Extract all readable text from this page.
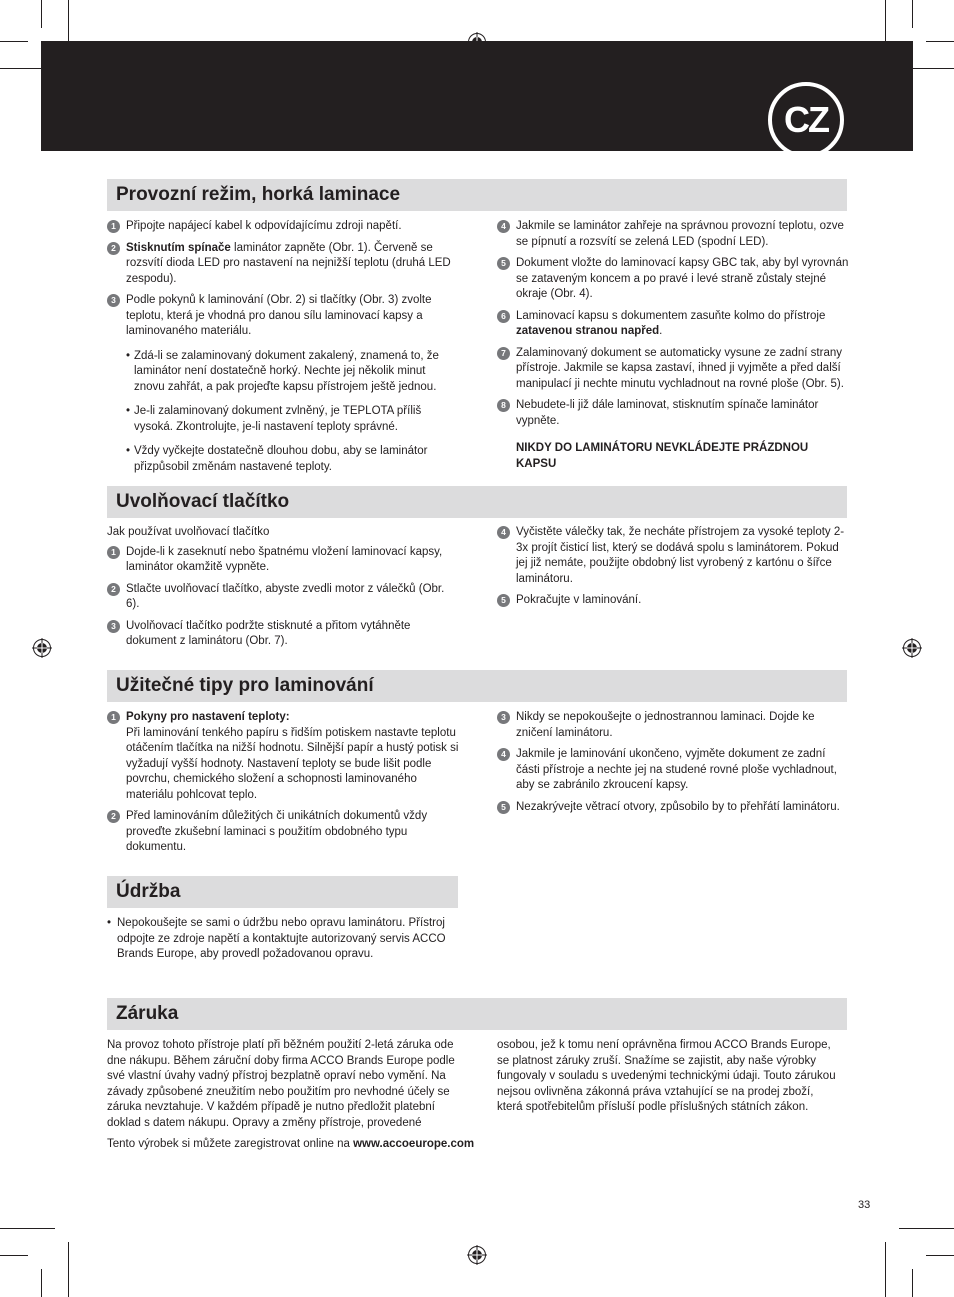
CZ
Provozní režim, horká laminace
1 Připojte napájecí kabel k odpovídajícímu zdroji napětí.
2 Stisknutím spínače laminátor zapněte (Obr. 1). Červeně se rozsvítí dioda LED pro nastavení na nejnižší teplotu (druhá LED zespodu).
3 Podle pokynů k laminování (Obr. 2) si tlačítky (Obr. 3) zvolte teplotu, která je vhodná pro danou sílu laminovací kapsy a laminovaného materiálu.
• Zdá-li se zalaminovaný dokument zakalený, znamená to, že laminátor není dostatečně horký. Nechte jej několik minut znovu zahřát, a pak projeďte kapsu přístrojem ještě jednou.
• Je-li zalaminovaný dokument zvlněný, je TEPLOTA příliš vysoká. Zkontrolujte, je-li nastavení teploty správné.
• Vždy vyčkejte dostatečně dlouhou dobu, aby se laminátor přizpůsobil změnám nastavené teploty.
4 Jakmile se laminátor zahřeje na správnou provozní teplotu, ozve se pípnutí a rozsvítí se zelená LED (spodní LED).
5 Dokument vložte do laminovací kapsy GBC tak, aby byl vyrovnán se zataveným koncem a po pravé i levé straně zůstaly stejné okraje (Obr. 4).
6 Laminovací kapsu s dokumentem zasuňte kolmo do přístroje zatavenou stranou napřed.
7 Zalaminovaný dokument se automaticky vysune ze zadní strany přístroje. Jakmile se kapsa zastaví, ihned ji vyjměte a před další manipulací ji nechte minutu vychladnout na rovné ploše (Obr. 5).
8 Nebudete-li již dále laminovat, stisknutím spínače laminátor vypněte.
NIKDY DO LAMINÁTORU NEVKLÁDEJTE PRÁZDNOU KAPSU
Uvolňovací tlačítko
Jak používat uvolňovací tlačítko
1 Dojde-li k zaseknutí nebo špatnému vložení laminovací kapsy, laminátor okamžitě vypněte.
2 Stlačte uvolňovací tlačítko, abyste zvedli motor z válečků (Obr. 6).
3 Uvolňovací tlačítko podržte stisknuté a přitom vytáhněte dokument z laminátoru (Obr. 7).
4 Vyčistěte válečky tak, že necháte přístrojem za vysoké teploty 2-3x projít čisticí list, který se dodává spolu s laminátorem. Pokud jej již nemáte, použijte obdobný list vyrobený z kartónu o šířce laminátoru.
5 Pokračujte v laminování.
Užitečné tipy pro laminování
1 Pokyny pro nastavení teploty:
Při laminování tenkého papíru s řidším potiskem nastavte teplotu otáčením tlačítka na nižší hodnotu. Silnější papír a hustý potisk si vyžadují vyšší hodnoty. Nastavení teploty se bude lišit podle povrchu, chemického složení a schopnosti laminovaného materiálu pohlcovat teplo.
2 Před laminováním důležitých či unikátních dokumentů vždy proveďte zkušební laminaci s použitím obdobného typu dokumentu.
3 Nikdy se nepokoušejte o jednostrannou laminaci. Dojde ke zničení laminátoru.
4 Jakmile je laminování ukončeno, vyjměte dokument ze zadní části přístroje a nechte jej na studené rovné ploše vychladnout, aby se zabránilo zkroucení kapsy.
5 Nezakrývejte větrací otvory, způsobilo by to přehřátí laminátoru.
Údržba
• Nepokoušejte se sami o údržbu nebo opravu laminátoru. Přístroj odpojte ze zdroje napětí a kontaktujte autorizovaný servis ACCO Brands Europe, aby provedl požadovanou opravu.
Záruka
Na provoz tohoto přístroje platí při běžném použití 2-letá záruka ode dne nákupu. Během záruční doby firma ACCO Brands Europe podle své vlastní úvahy vadný přístroj bezplatně opraví nebo vymění. Na závady způsobené zneužitím nebo použitím pro nevhodné účely se záruka nevztahuje. V každém případě je nutno předložit platební doklad s datem nákupu. Opravy a změny přístroje, provedené
Tento výrobek si můžete zaregistrovat online na www.accoeurope.com
osobou, jež k tomu není oprávněna firmou ACCO Brands Europe, se platnost záruky zruší. Snažíme se zajistit, aby naše výrobky fungovaly v souladu s uvedenými technickými údaji. Touto zárukou nejsou ovlivněna zákonná práva vztahující se na prodej zboží, která spotřebitelům přísluší podle příslušných státních zákon.
33
